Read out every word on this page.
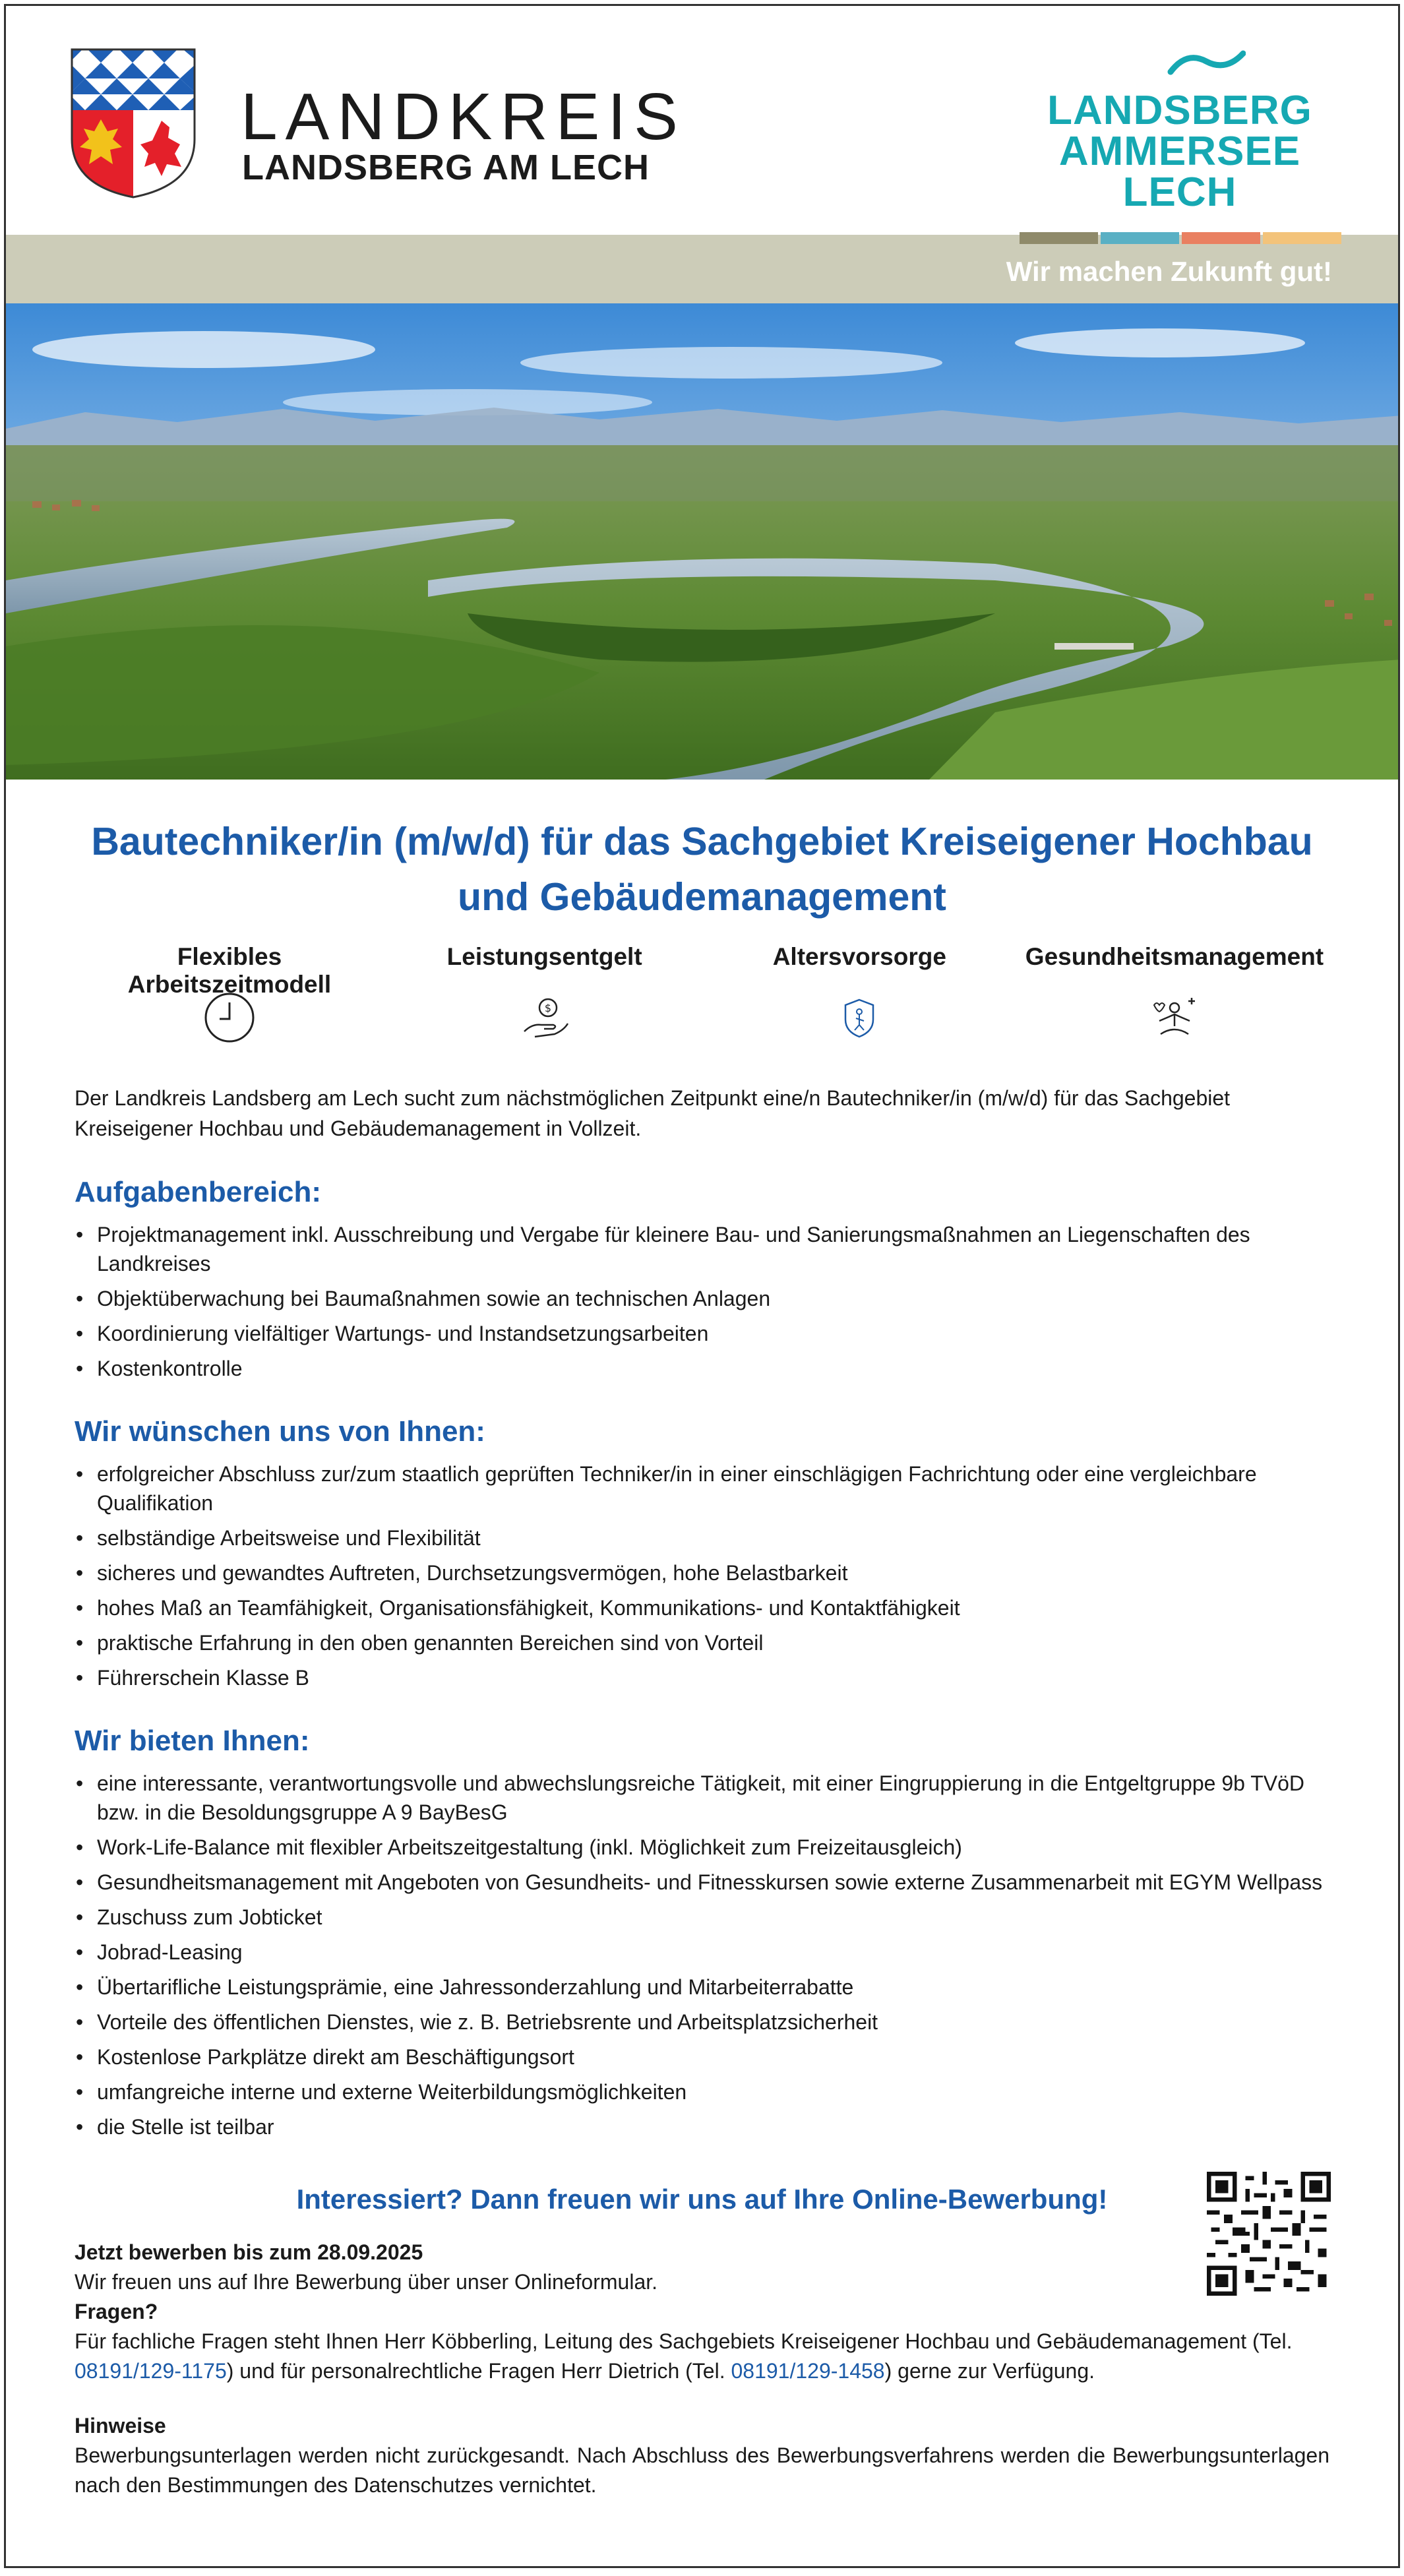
LANDKREIS
LANDSBERG AM LECH
LANDSBERG
AMMERSEE
LECH
Wir machen Zukunft gut!
Bautechniker/in (m/w/d) für das Sachgebiet Kreiseigener Hochbau und Gebäudemanagement
Flexibles Arbeitszeitmodell
Leistungsentgelt
$
Altersvorsorge	Gesundheitsmanagement

Der Landkreis Landsberg am Lech sucht zum nächstmöglichen Zeitpunkt eine/n Bautechniker/in (m/w/d) für das Sachgebiet Kreiseigener Hochbau und Gebäudemanagement in Vollzeit.

Aufgabenbereich:
• Projektmanagement inkl. Ausschreibung und Vergabe für kleinere Bau- und Sanierungsmaßnahmen an Liegenschaften des Landkreises
• Objektüberwachung bei Baumaßnahmen sowie an technischen Anlagen
• Koordinierung vielfältiger Wartungs- und Instandsetzungsarbeiten
• Kostenkontrolle
Wir wünschen uns von Ihnen:
• erfolgreicher Abschluss zur/zum staatlich geprüften Techniker/in in einer einschlägigen Fachrichtung oder eine vergleichbare Qualifikation
• selbständige Arbeitsweise und Flexibilität
• sicheres und gewandtes Auftreten, Durchsetzungsvermögen, hohe Belastbarkeit
• hohes Maß an Teamfähigkeit, Organisationsfähigkeit, Kommunikations- und Kontaktfähigkeit
• praktische Erfahrung in den oben genannten Bereichen sind von Vorteil
• Führerschein Klasse B
Wir bieten Ihnen:
• eine interessante, verantwortungsvolle und abwechslungsreiche Tätigkeit, mit einer Eingruppierung in die Entgeltgruppe 9b TVöD bzw. in die Besoldungsgruppe A 9 BayBesG
• Work-Life-Balance mit flexibler Arbeitszeitgestaltung (inkl. Möglichkeit zum Freizeitausgleich)
• Gesundheitsmanagement mit Angeboten von Gesundheits- und Fitnesskursen sowie externe Zusammenarbeit mit EGYM Wellpass
• Zuschuss zum Jobticket
• Jobrad-Leasing
• Übertarifliche Leistungsprämie, eine Jahressonderzahlung und Mitarbeiterrabatte
• Vorteile des öffentlichen Dienstes, wie z. B. Betriebsrente und Arbeitsplatzsicherheit
• Kostenlose Parkplätze direkt am Beschäftigungsort
• umfangreiche interne und externe Weiterbildungsmöglichkeiten
• die Stelle ist teilbar
Interessiert? Dann freuen wir uns auf Ihre Online-Bewerbung!
Jetzt bewerben bis zum 28.09.2025
Wir freuen uns auf Ihre Bewerbung über unser Onlineformular.
Fragen?
Für fachliche Fragen steht Ihnen Herr Köbberling, Leitung des Sachgebiets Kreiseigener Hochbau und Gebäudemanagement (Tel. 08191/129-1175) und für personalrechtliche Fragen Herr Dietrich (Tel. 08191/129-1458) gerne zur Verfügung.
Hinweise
Bewerbungsunterlagen werden nicht zurückgesandt. Nach Abschluss des Bewerbungsverfahrens werden die Bewerbungsunterlagen nach den Bestimmungen des Datenschutzes vernichtet.
